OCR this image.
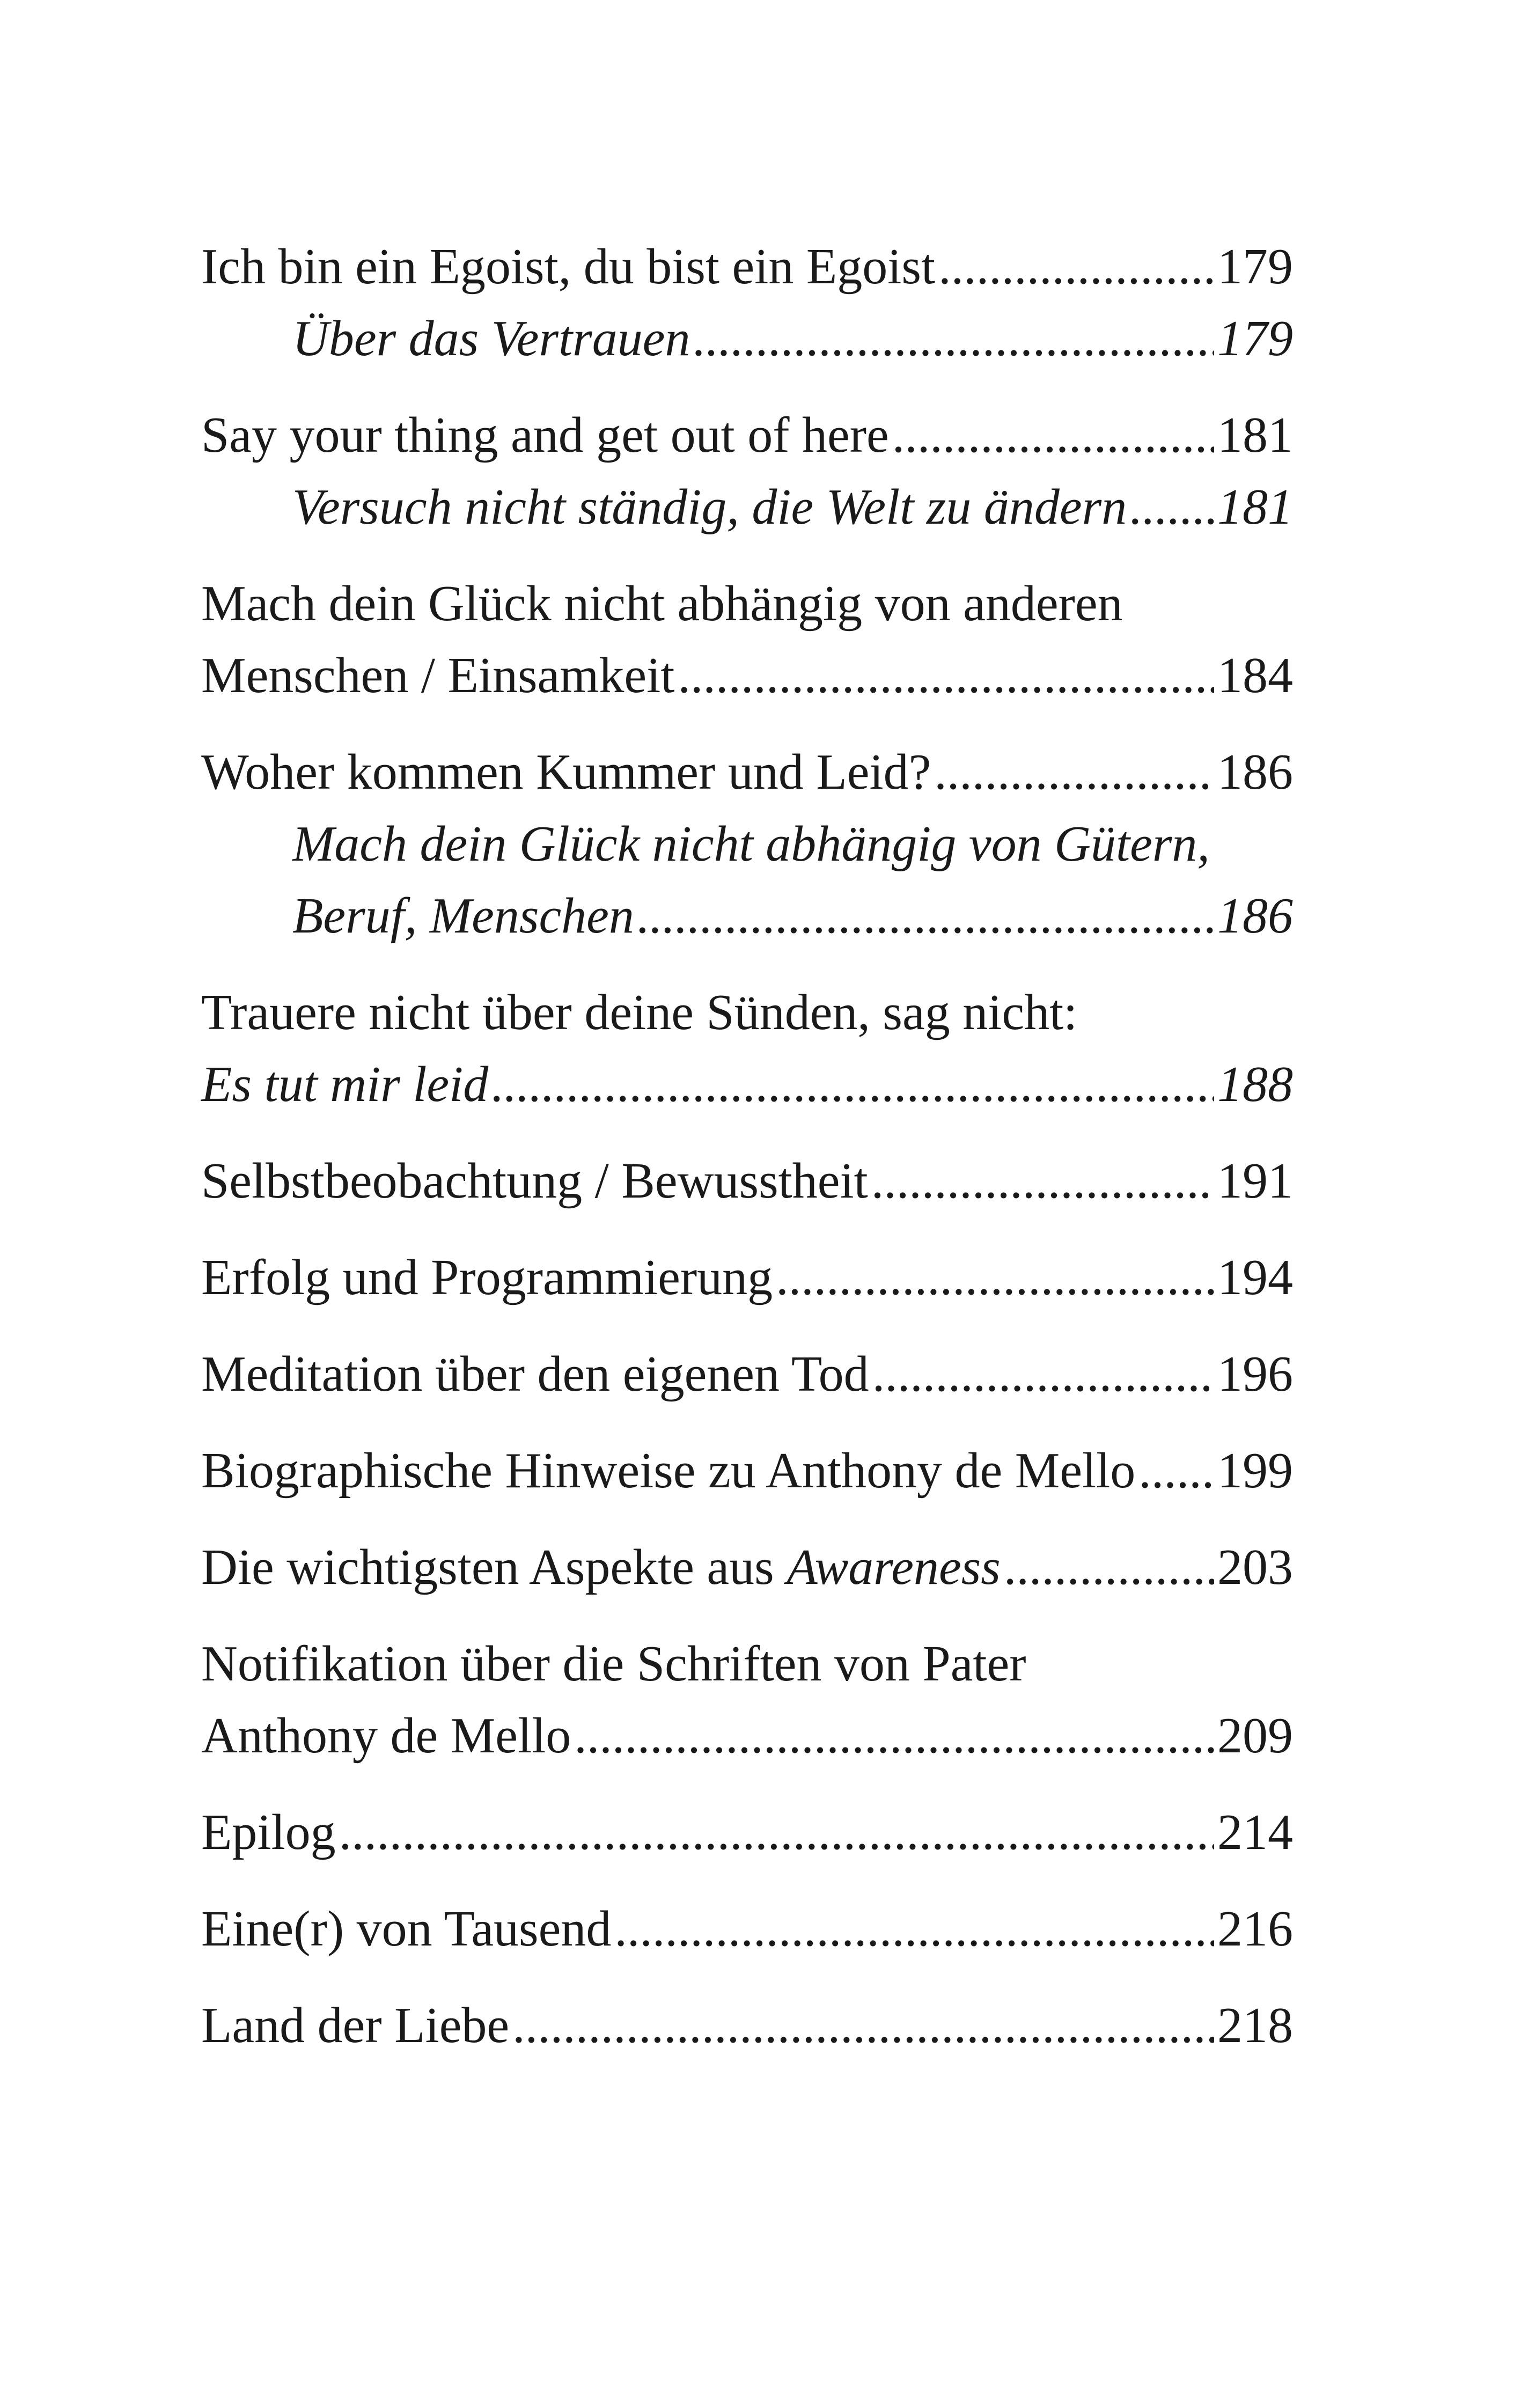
Ich bin ein Egoist, du bist ein Egoist .....	179
Über das Vertrauen .....	179
Say your thing and get out of here .....	181
Versuch nicht ständig, die Welt zu ändern ..... 181
Mach dein Glück nicht abhängig von anderen
Menschen / Einsamkeit .....	184
Woher kommen Kummer und Leid? .....	186
Mach dein Glück nicht abhängig von Gütern,
Beruf, Menschen .....	186
Trauere nicht über deine Sünden, sag nicht:
Es tut mir leid .....	188
Selbstbeobachtung / Bewusstheit .....	191
Erfolg und Programmierung .....	194
Meditation über den eigenen Tod .....	196
Biographische Hinweise zu Anthony de Mello ..... 199
Die wichtigsten Aspekte aus Awareness .....	203
Notifikation über die Schriften von Pater
Anthony de Mello .....	209
Epilog .....	214
Eine(r) von Tausend .....	216
Land der Liebe .....	218
